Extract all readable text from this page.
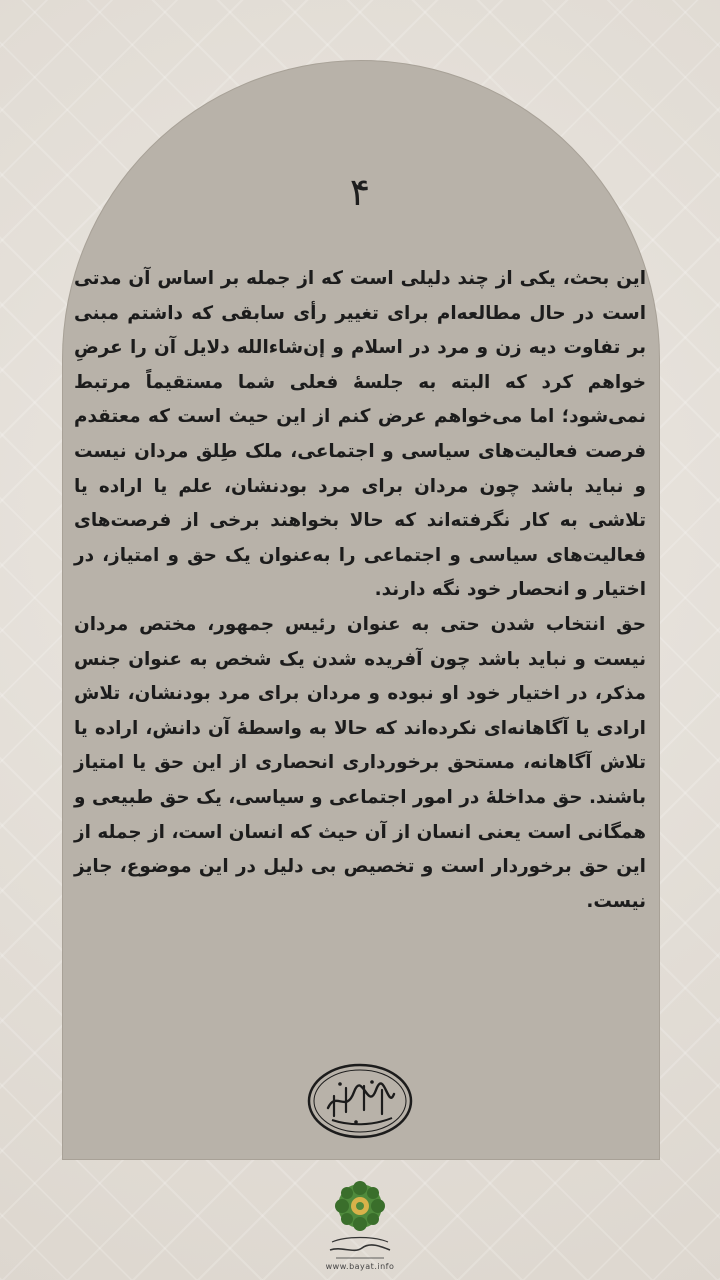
۴

این بحث، یکی از چند دلیلی است که از جمله بر اساس آن مدتی است در حال مطالعه‌ام برای تغییر رأی سابقی که داشتم مبنی بر تفاوت دیه زن و مرد در اسلام و إن‌شاءالله دلایل آن را عرضِ خواهم کرد که البته به جلسهٔ فعلی شما مستقیماً مرتبط نمی‌شود؛ اما می‌خواهم عرض کنم از این حیث است که معتقدم فرصت فعالیت‌های سیاسی و اجتماعی، ملک طِلق مردان نیست و نباید باشد چون مردان برای مرد بودنشان، علم یا اراده یا تلاشی به کار نگرفته‌اند که حالا بخواهند برخی از فرصت‌های فعالیت‌های سیاسی و اجتماعی را به‌عنوان یک حق و امتیاز، در اختیار و انحصار خود نگه دارند.

حق انتخاب شدن حتی به عنوان رئیس جمهور، مختص مردان نیست و نباید باشد چون آفریده شدن یک شخص به عنوان جنس مذکر، در اختیار خود او نبوده و مردان برای مرد بودنشان، تلاش ارادی یا آگاهانه‌ای نکرده‌اند که حالا به واسطهٔ آن دانش، اراده یا تلاش آگاهانه، مستحق برخورداری انحصاری از این حق یا امتیاز باشند. حق مداخلهٔ در امور اجتماعی و سیاسی، یک حق طبیعی و همگانی است یعنی انسان از آن حیث که انسان است، از جمله از این حق برخوردار است و تخصیص بی دلیل در این موضوع، جایز نیست.

www.bayat.info
